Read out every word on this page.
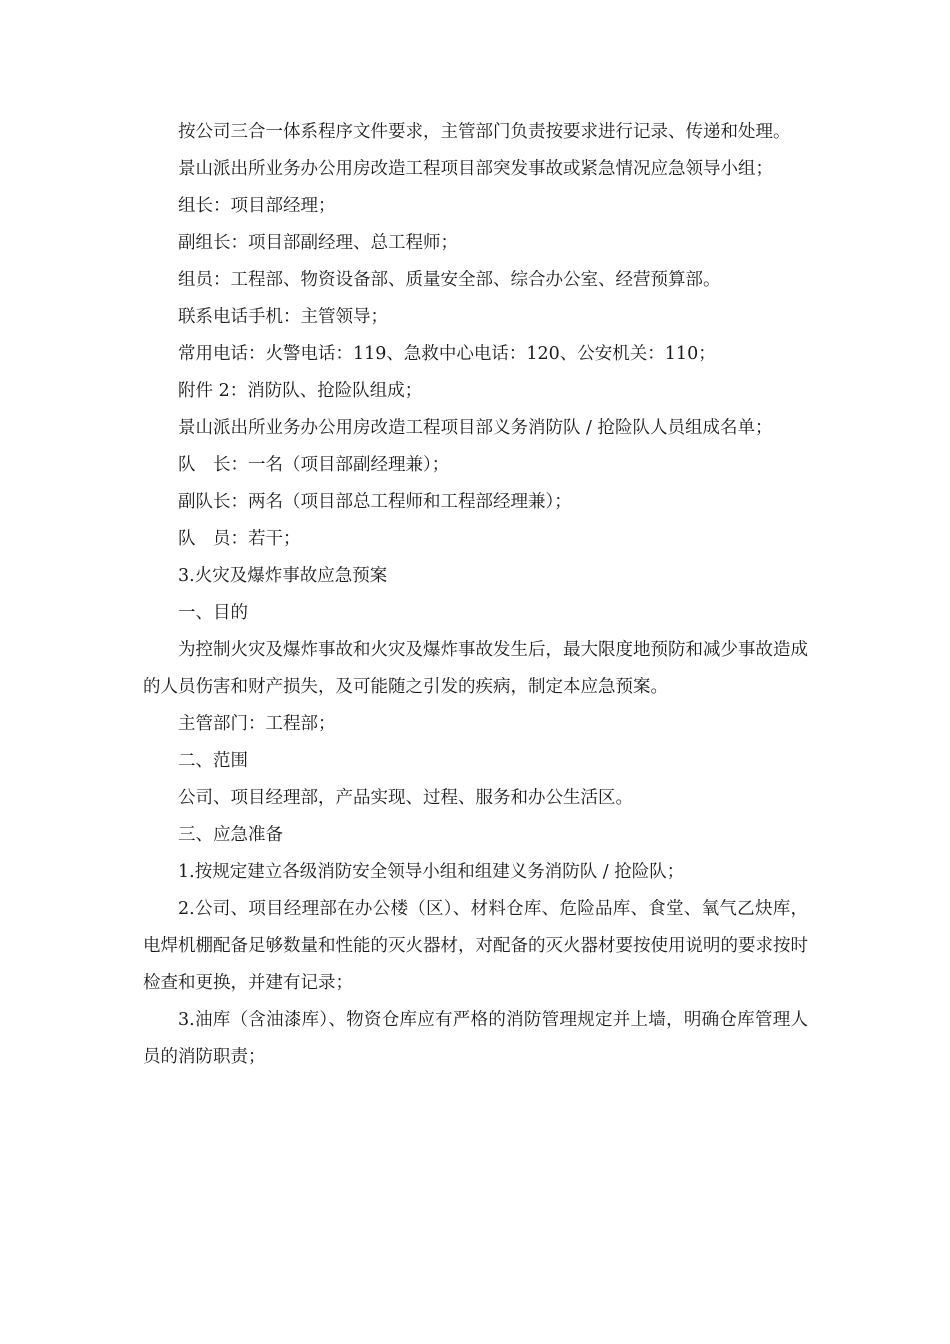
按公司三合一体系程序文件要求，主管部门负责按要求进行记录、传递和处理。

景山派出所业务办公用房改造工程项目部突发事故或紧急情况应急领导小组；

组长：项目部经理；

副组长：项目部副经理、总工程师；

组员：工程部、物资设备部、质量安全部、综合办公室、经营预算部。

联系电话手机：主管领导；

常用电话：火警电话：119、急救中心电话：120、公安机关：110；

附件 2：消防队、抢险队组成；

景山派出所业务办公用房改造工程项目部义务消防队 / 抢险队人员组成名单；

队　长：一名（项目部副经理兼）；

副队长：两名（项目部总工程师和工程部经理兼）；

队　员：若干；

3.火灾及爆炸事故应急预案

一、目的

为控制火灾及爆炸事故和火灾及爆炸事故发生后，最大限度地预防和减少事故造成的人员伤害和财产损失，及可能随之引发的疾病，制定本应急预案。

主管部门：工程部；

二、范围

公司、项目经理部，产品实现、过程、服务和办公生活区。

三、应急准备

1.按规定建立各级消防安全领导小组和组建义务消防队 / 抢险队；

2.公司、项目经理部在办公楼（区）、材料仓库、危险品库、食堂、氧气乙炔库，电焊机棚配备足够数量和性能的灭火器材，对配备的灭火器材要按使用说明的要求按时检查和更换，并建有记录；

3.油库（含油漆库）、物资仓库应有严格的消防管理规定并上墙，明确仓库管理人员的消防职责；
